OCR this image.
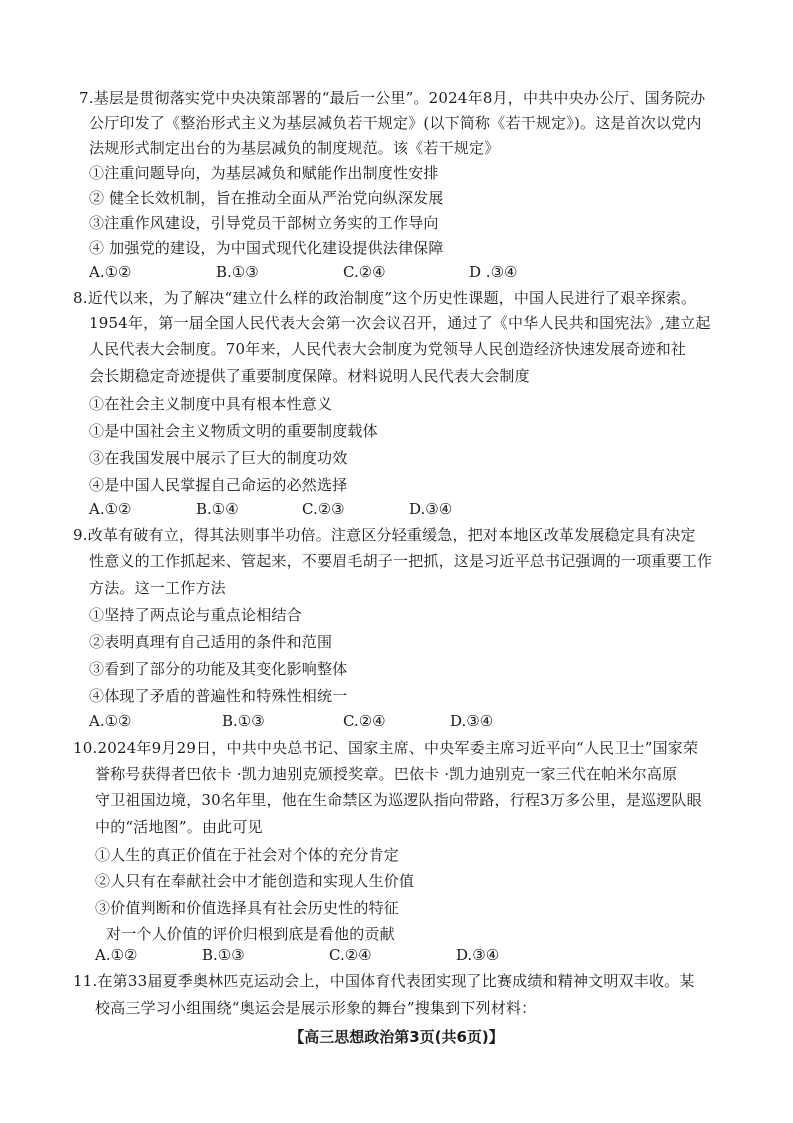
7.基层是贯彻落实党中央决策部署的“最后一公里”。2024年8月，中共中央办公厅、国务院办
公厅印发了《整治形式主义为基层减负若干规定》(以下简称《若干规定》)。这是首次以党内
法规形式制定出台的为基层减负的制度规范。该《若干规定》
①注重问题导向，为基层减负和赋能作出制度性安排
② 健全长效机制，旨在推动全面从严治党向纵深发展
③注重作风建设，引导党员干部树立务实的工作导向
④ 加强党的建设，为中国式现代化建设提供法律保障
A.①②	B.①③	C.②④	D .③④
8.近代以来，为了解决“建立什么样的政治制度”这个历史性课题，中国人民进行了艰辛探索。
1954年，第一届全国人民代表大会第一次会议召开，通过了《中华人民共和国宪法》,建立起
人民代表大会制度。70年来，人民代表大会制度为党领导人民创造经济快速发展奇迹和社
会长期稳定奇迹提供了重要制度保障。材料说明人民代表大会制度
①在社会主义制度中具有根本性意义
①是中国社会主义物质文明的重要制度载体
③在我国发展中展示了巨大的制度功效
④是中国人民掌握自己命运的必然选择
A.①②	B.①④	C.②③	D.③④
9.改革有破有立，得其法则事半功倍。注意区分轻重缓急，把对本地区改革发展稳定具有决定
性意义的工作抓起来、管起来，不要眉毛胡子一把抓，这是习近平总书记强调的一项重要工作
方法。这一工作方法
①坚持了两点论与重点论相结合
②表明真理有自己适用的条件和范围
③看到了部分的功能及其变化影响整体
④体现了矛盾的普遍性和特殊性相统一
A.①②	B.①③	C.②④	D.③④
10.2024年9月29日，中共中央总书记、国家主席、中央军委主席习近平向“人民卫士”国家荣
誉称号获得者巴依卡 ·凯力迪别克颁授奖章。巴依卡 ·凯力迪别克一家三代在帕米尔高原
守卫祖国边境，30名年里，他在生命禁区为巡逻队指向带路，行程3万多公里，是巡逻队眼
中的“活地图”。由此可见
①人生的真正价值在于社会对个体的充分肯定
②人只有在奉献社会中才能创造和实现人生价值
③价值判断和价值选择具有社会历史性的特征
对一个人价值的评价归根到底是看他的贡献
A.①②	B.①③	C.②④	D.③④
11.在第33届夏季奥林匹克运动会上，中国体育代表团实现了比赛成绩和精神文明双丰收。某
校高三学习小组围绕“奥运会是展示形象的舞台”搜集到下列材料：
【高三思想政治第3页(共6页)】
